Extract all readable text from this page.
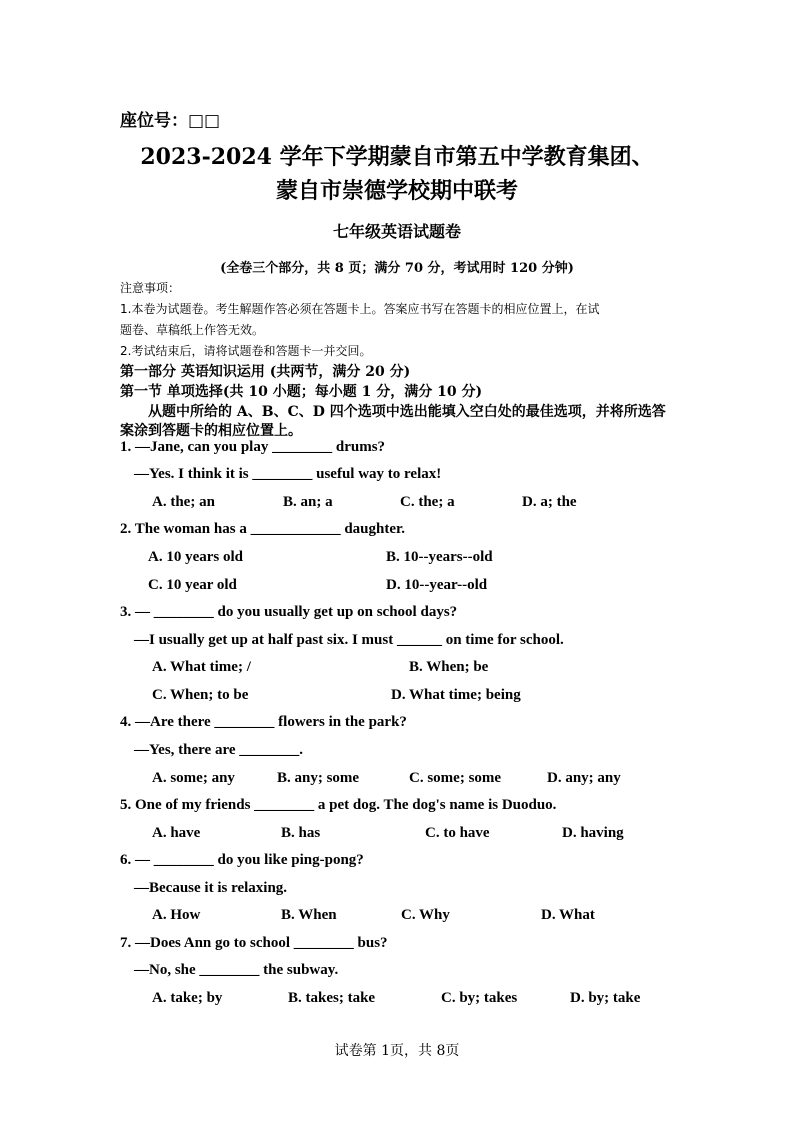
座位号：□□
2023-2024 学年下学期蒙自市第五中学教育集团、
蒙自市崇德学校期中联考
七年级英语试题卷
(全卷三个部分，共 8 页；满分 70 分，考试用时 120 分钟)
注意事项：
1.本卷为试题卷。考生解题作答必须在答题卡上。答案应书写在答题卡的相应位置上，在试
题卷、草稿纸上作答无效。
2.考试结束后，请将试题卷和答题卡一并交回。
第一部分 英语知识运用 (共两节，满分 20 分)
第一节 单项选择(共 10 小题；每小题 1 分，满分 10 分)
从题中所给的 A、B、C、D 四个选项中选出能填入空白处的最佳选项，并将所选答
案涂到答题卡的相应位置上。
1. —Jane, can you play ________ drums?
—Yes. I think it is ________ useful way to relax!
A. the; an	B. an; a	C. the; a	D. a; the
2. The woman has a ____________ daughter.
A. 10 years old	B. 10--years--old
C. 10 year old	D. 10--year--old
3. — ________ do you usually get up on school days?
—I usually get up at half past six. I must ______ on time for school.
A. What time; /	B. When; be
C. When; to be	D. What time; being
4. —Are there ________ flowers in the park?
—Yes, there are ________.
A. some; any	B. any; some	C. some; some	D. any; any
5. One of my friends ________ a pet dog. The dog's name is Duoduo.
A. have	B. has	C. to have	D. having
6. — ________ do you like ping-pong?
—Because it is relaxing.
A. How	B. When	C. Why	D. What
7. —Does Ann go to school ________ bus?
—No, she ________ the subway.
A. take; by	B. takes; take	C. by; takes	D. by; take
试卷第 1页，共 8页
